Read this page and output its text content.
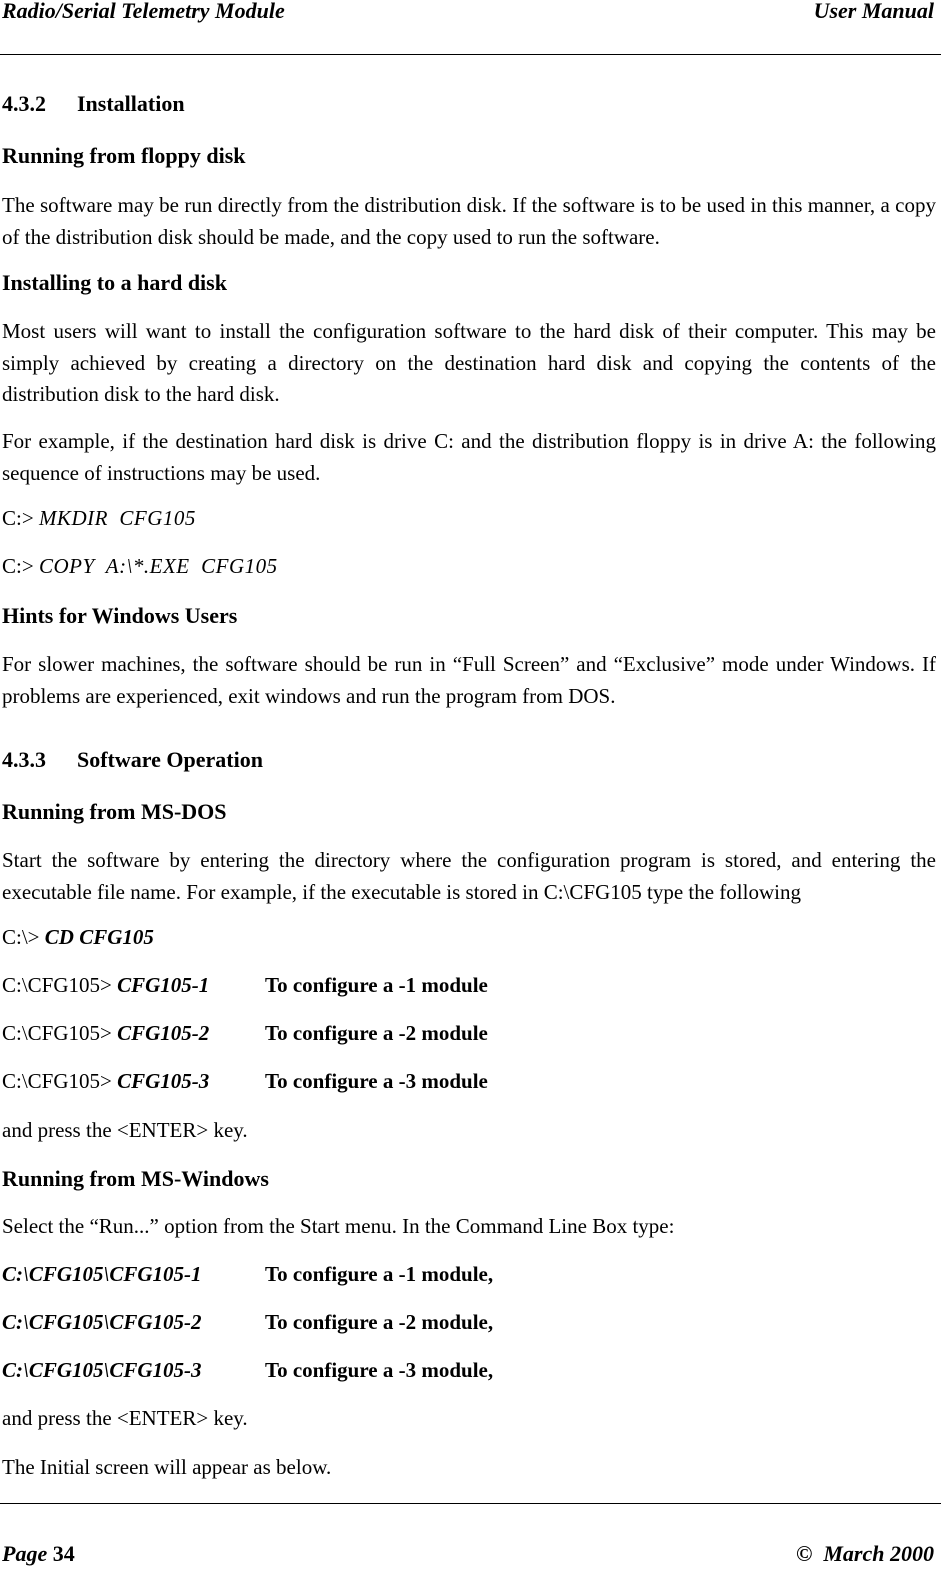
Radio/Serial Telemetry Module	User Manual
4.3.2 Installation
Running from floppy disk
The software may be run directly from the distribution disk. If the software is to be used in this manner, a copy of the distribution disk should be made, and the copy used to run the software.
Installing to a hard disk
Most users will want to install the configuration software to the hard disk of their computer. This may be simply achieved by creating a directory on the destination hard disk and copying the contents of the distribution disk to the hard disk.
For example, if the destination hard disk is drive C: and the distribution floppy is in drive A: the following sequence of instructions may be used.
C:> MKDIR  CFG105
C:> COPY  A:\*.EXE  CFG105
Hints for Windows Users
For slower machines, the software should be run in “Full Screen” and “Exclusive” mode under Windows. If problems are experienced, exit windows and run the program from DOS.
4.3.3 Software Operation
Running from MS-DOS
Start the software by entering the directory where the configuration program is stored, and entering the executable file name. For example, if the executable is stored in C:\CFG105 type the following
C:\> CD CFG105
C:\CFG105> CFG105-1	To configure a -1 module
C:\CFG105> CFG105-2	To configure a -2 module
C:\CFG105> CFG105-3	To configure a -3 module
and press the <ENTER> key.
Running from MS-Windows
Select the “Run...” option from the Start menu. In the Command Line Box type:
C:\CFG105\CFG105-1	To configure a -1 module,
C:\CFG105\CFG105-2	To configure a -2 module,
C:\CFG105\CFG105-3	To configure a -3 module,
and press the <ENTER> key.
The Initial screen will appear as below.
Page 34	© March 2000
